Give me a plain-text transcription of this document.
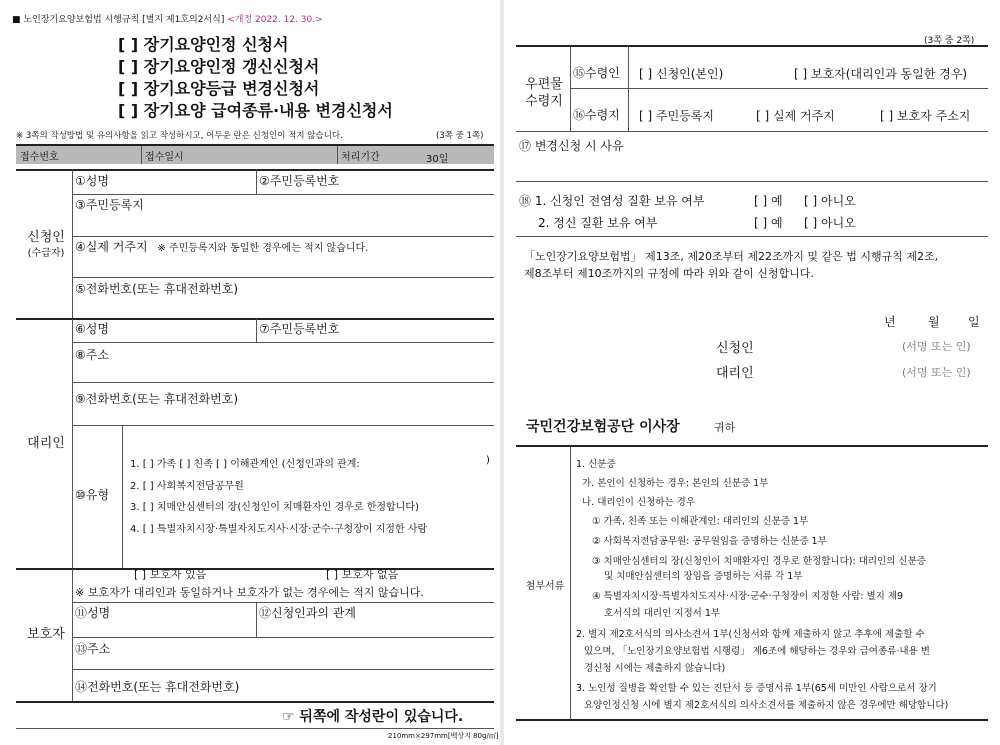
■ 노인장기요양보험법 시행규칙 [별지 제1호의2서식] <개정 2022. 12. 30.>
[ ] 장기요양인정 신청서
[ ] 장기요양인정 갱신신청서
[ ] 장기요양등급 변경신청서
[ ] 장기요양 급여종류·내용 변경신청서
※ 3쪽의 작성방법 및 유의사항을 읽고 작성하시고, 어두운 란은 신청인이 적지 않습니다.	(3쪽 중 1쪽)
접수번호	접수일시	처리기간	30일
신청인
(수급자)
①성명	②주민등록번호
③주민등록지
④실제 거주지 ※ 주민등록지와 동일한 경우에는 적지 않습니다.
⑤전화번호(또는 휴대전화번호)
대리인
⑥성명	⑦주민등록번호
⑧주소
⑨전화번호(또는 휴대전화번호)
⑩유형
1. [ ] 가족 [ ] 친족 [ ] 이해관계인 (신청인과의 관계:	)
2. [ ] 사회복지전담공무원
3. [ ] 치매안심센터의 장(신청인이 치매환자인 경우로 한정합니다)
4. [ ] 특별자치시장·특별자치도지사·시장·군수·구청장이 지정한 사람
보호자
[ ] 보호자 있음	[ ] 보호자 없음
※ 보호자가 대리인과 동일하거나 보호자가 없는 경우에는 적지 않습니다.
⑪성명	⑫신청인과의 관계
⑬주소
⑭전화번호(또는 휴대전화번호)
☞ 뒤쪽에 작성란이 있습니다.
210mm×297mm[백상지 80g/㎡]
(3쪽 중 2쪽)
우편물
수령지
⑮수령인 [ ] 신청인(본인)	[ ] 보호자(대리인과 동일한 경우)
⑯수령지 [ ] 주민등록지	[ ] 실제 거주지	[ ] 보호자 주소지
⑰ 변경신청 시 사유
⑱ 1. 신청인 전염성 질환 보유 여부	[ ] 예 [ ] 아니오
2. 정신 질환 보유 여부	[ ] 예 [ ] 아니오
「노인장기요양보험법」 제13조, 제20조부터 제22조까지 및 같은 법 시행규칙 제2조,
제8조부터 제10조까지의 규정에 따라 위와 같이 신청합니다.
년	월 일
신청인	(서명 또는 인)
대리인	(서명 또는 인)
국민건강보험공단 이사장	귀하
첨부서류
1. 신분증
가. 본인이 신청하는 경우: 본인의 신분증 1부
나. 대리인이 신청하는 경우
① 가족, 친족 또는 이해관계인: 대리인의 신분증 1부
② 사회복지전담공무원: 공무원임을 증명하는 신분증 1부
③ 치매안심센터의 장(신청인이 치매환자인 경우로 한정합니다): 대리인의 신분증
및 치매안심센터의 장임을 증명하는 서류 각 1부
④ 특별자치시장·특별자치도지사·시장·군수·구청장이 지정한 사람: 별지 제9
호서식의 대리인 지정서 1부
2. 별지 제2호서식의 의사소견서 1부(신청서와 함께 제출하지 않고 추후에 제출할 수
있으며, 「노인장기요양보험법 시행령」 제6조에 해당하는 경우와 급여종류·내용 변
경신청 시에는 제출하지 않습니다)
3. 노인성 질병을 확인할 수 있는 진단서 등 증명서류 1부(65세 미만인 사람으로서 장기
요양인정신청 시에 별지 제2호서식의 의사소견서를 제출하지 않은 경우에만 해당합니다)
